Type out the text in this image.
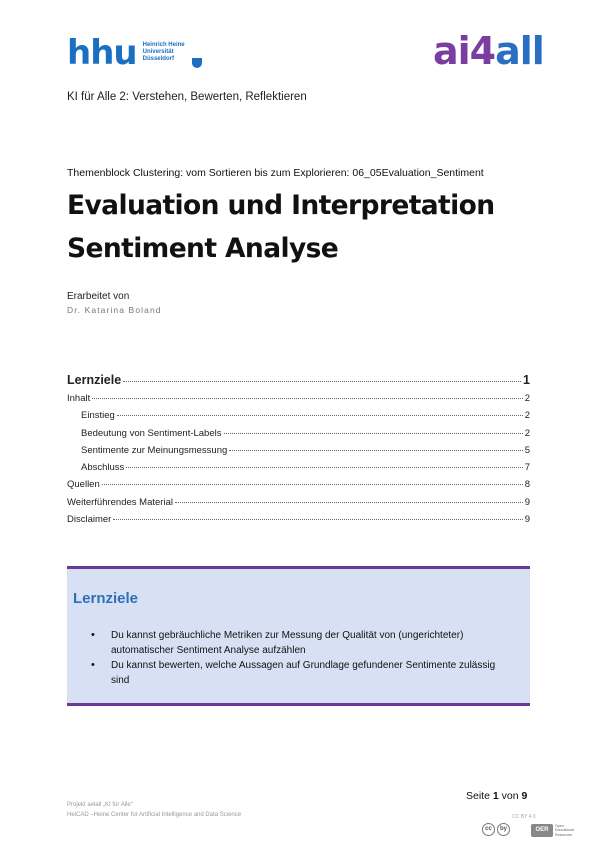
hhu Heinrich Heine
Universität
Düsseldorf	ai4all
KI für Alle 2: Verstehen, Bewerten, Reflektieren
Themenblock Clustering: vom Sortieren bis zum Explorieren: 06_05Evaluation_Sentiment
Evaluation und Interpretation
Sentiment Analyse
Erarbeitet von
Dr. Katarina Boland
Lernziele	1
Inhalt	2
Einstieg	2
Bedeutung von Sentiment-Labels	2
Sentimente zur Meinungsmessung	5
Abschluss	7
Quellen	8
Weiterführendes Material	9
Disclaimer	9
Lernziele
• Du kannst gebräuchliche Metriken zur Messung der Qualität von (ungerichteter) automatischer Sentiment Analyse aufzählen
• Du kannst bewerten, welche Aussagen auf Grundlage gefundener Sentimente zulässig sind
Seite 1 von 9
Projekt ai4all „KI für Alle“
HeiCAD –Heine Center for Artificial Intelligence and Data Science	CC BY 4.0
cc	by	OER
Open
Educational
Resources
